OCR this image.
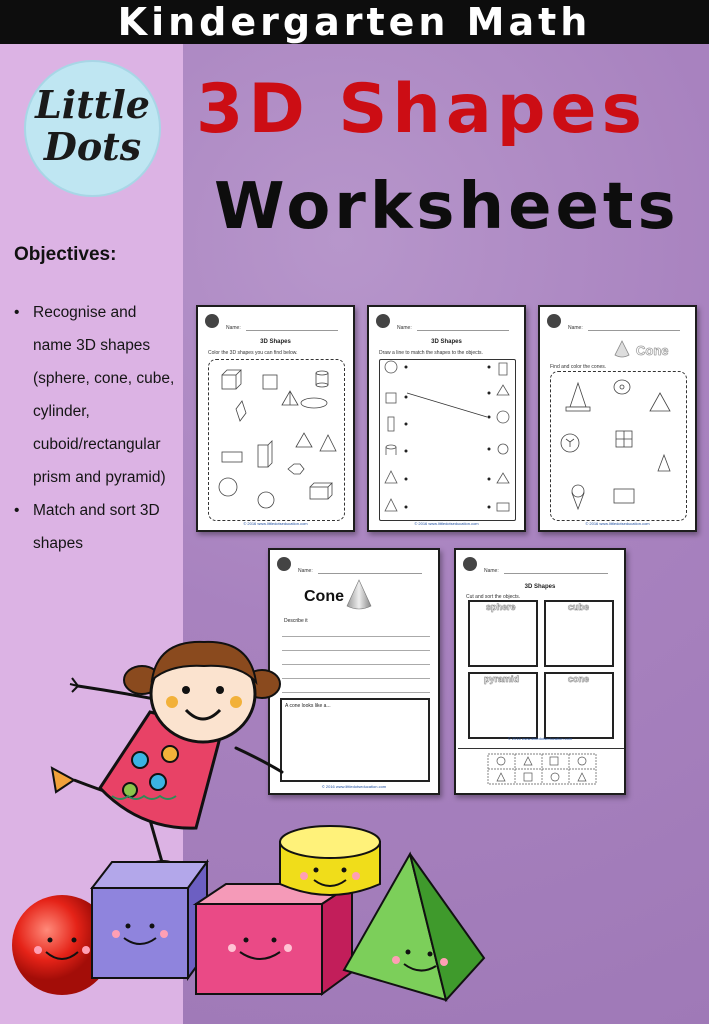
Kindergarten Math
Little
Dots
Objectives:
• Recognise and name 3D shapes (sphere, cone, cube, cylinder, cuboid/rectangular prism and pyramid)
• Match and sort 3D shapes
3D Shapes
Worksheets
Name:
3D Shapes
Color the 3D shapes you can find below.
© 2016 www.littledotseducation.com
Name:
3D Shapes
Draw a line to match the shapes to the objects.
© 2016 www.littledotseducation.com
Name:
Cone
Find and color the cones.
© 2016 www.littledotseducation.com
Name:
Cone
Describe it
A cone looks like a...
© 2016 www.littledotseducation.com
Name:
3D Shapes
Cut and sort the objects.
sphere	cube
pyramid	cone
© 2016 www.littledotseducation.com
